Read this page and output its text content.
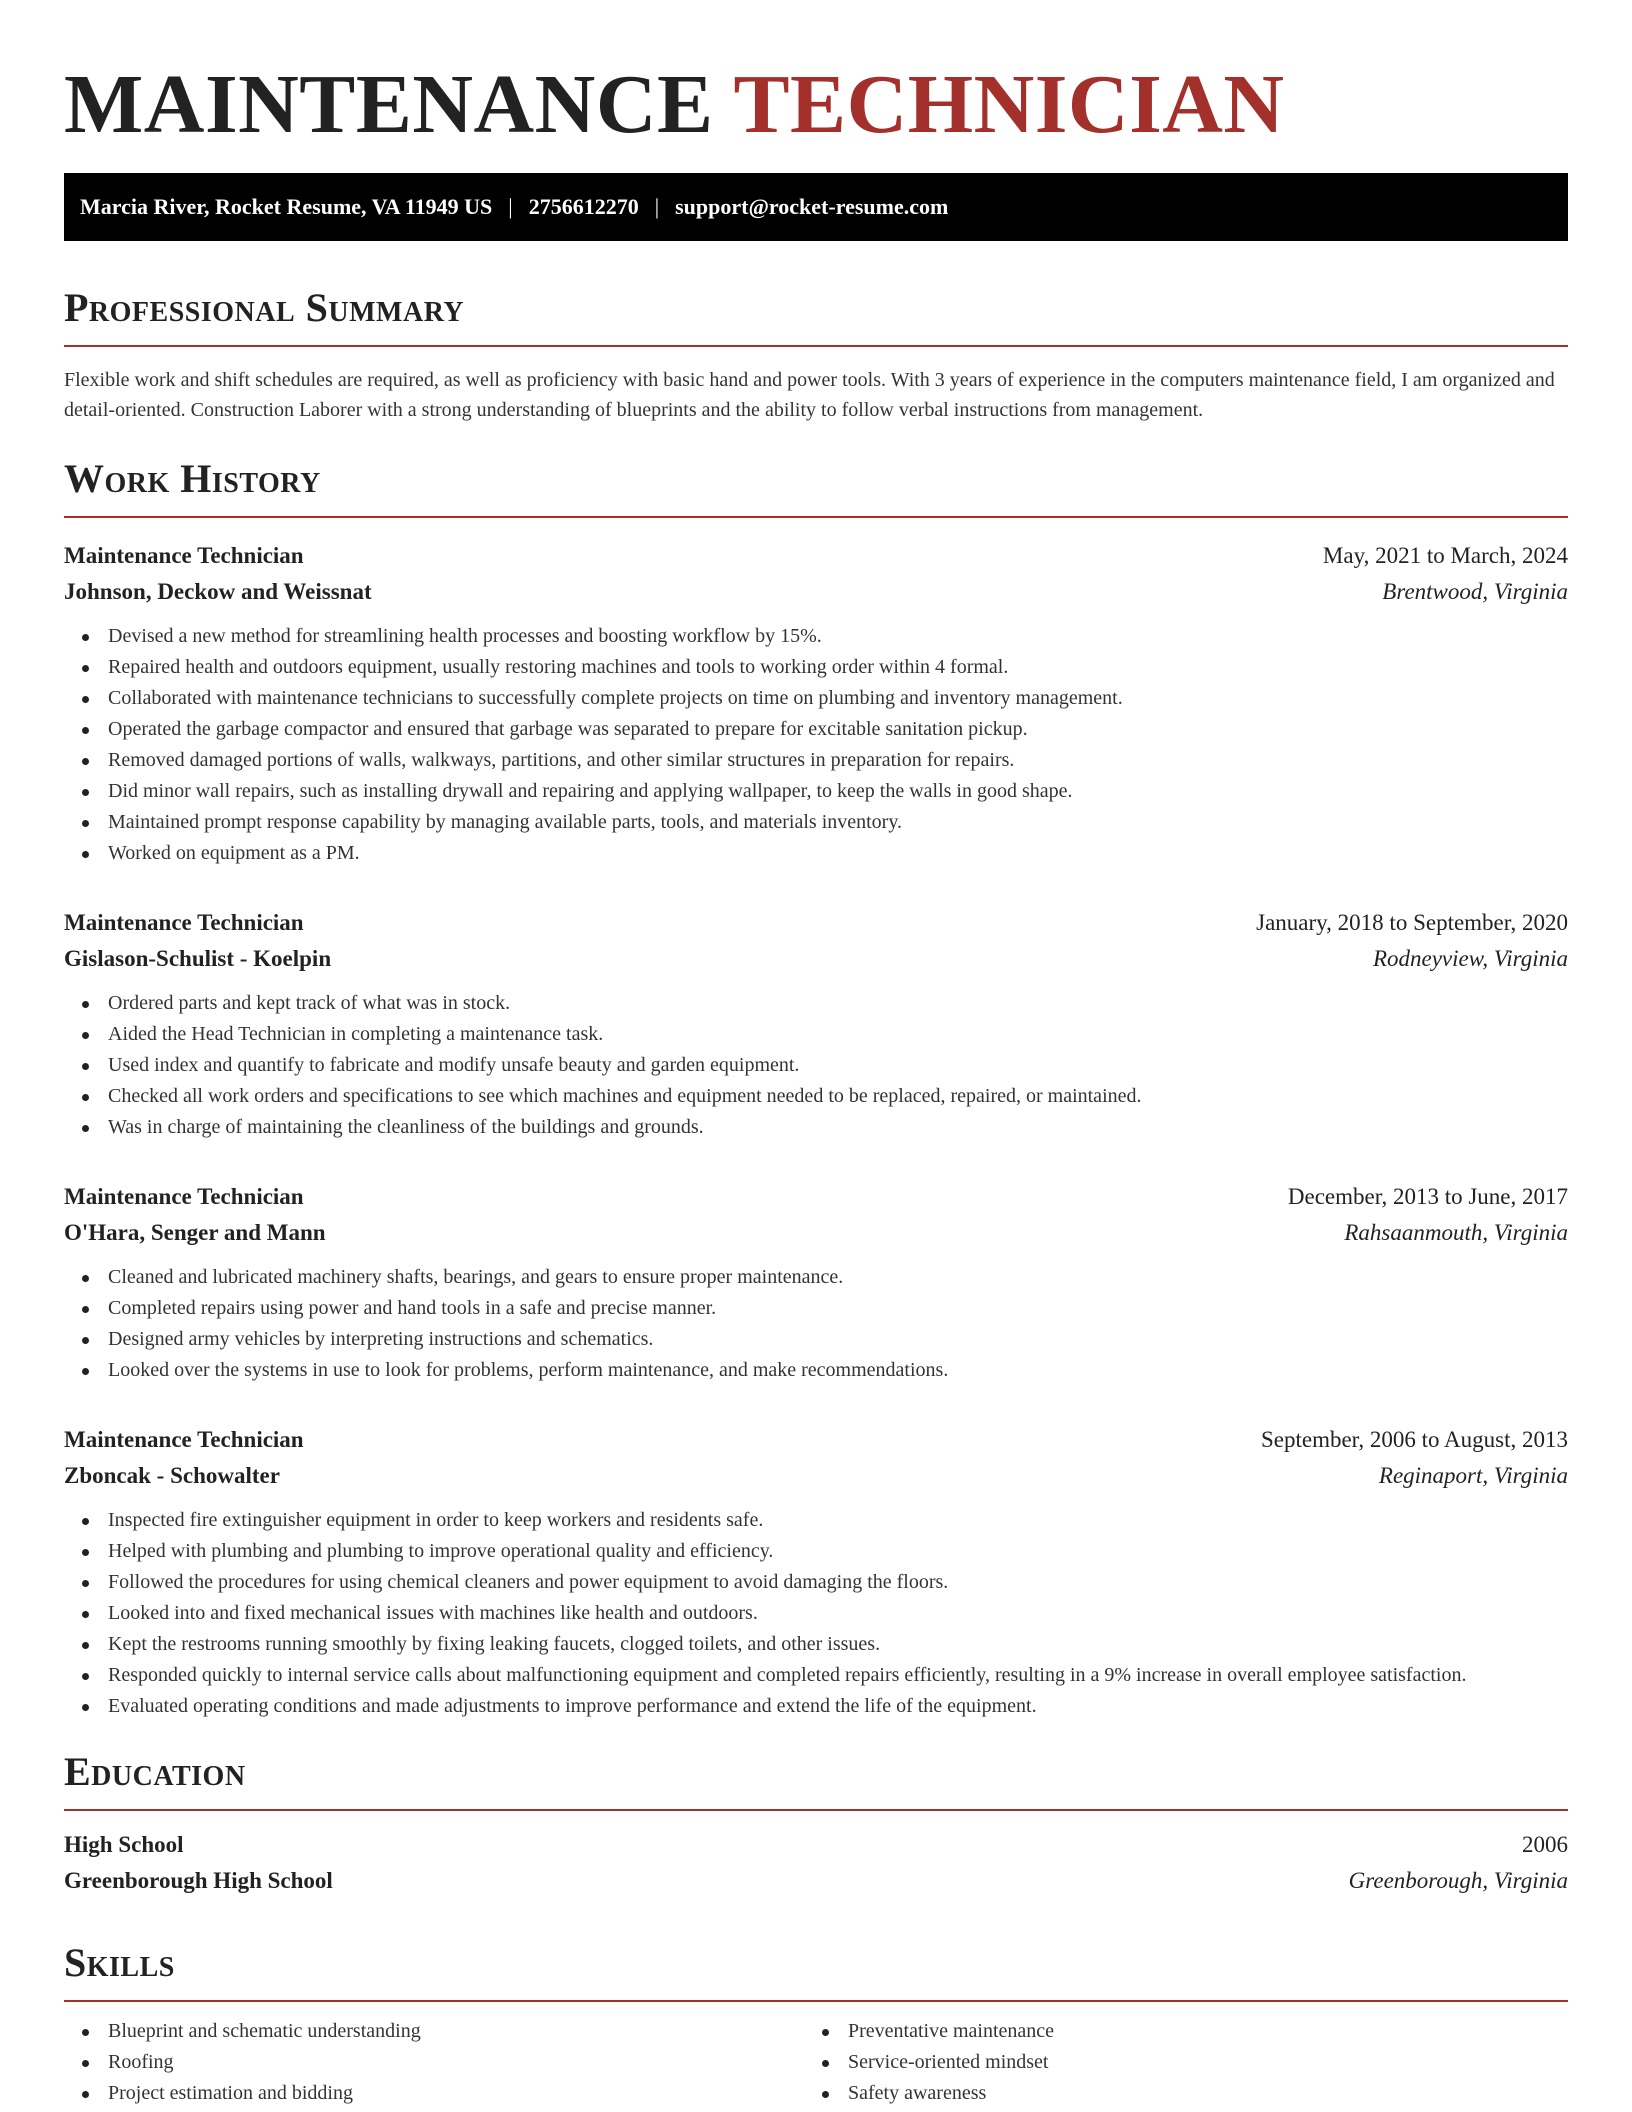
MAINTENANCE TECHNICIAN
Marcia River, Rocket Resume, VA 11949 US | 2756612270 | support@rocket-resume.com
Professional Summary

Flexible work and shift schedules are required, as well as proficiency with basic hand and power tools. With 3 years of experience in the computers maintenance field, I am organized and detail-oriented. Construction Laborer with a strong understanding of blueprints and the ability to follow verbal instructions from management.

Work History
Maintenance Technician	May, 2021 to March, 2024
Johnson, Deckow and Weissnat	Brentwood, Virginia
Devised a new method for streamlining health processes and boosting workflow by 15%.
Repaired health and outdoors equipment, usually restoring machines and tools to working order within 4 formal.
Collaborated with maintenance technicians to successfully complete projects on time on plumbing and inventory management.
Operated the garbage compactor and ensured that garbage was separated to prepare for excitable sanitation pickup.
Removed damaged portions of walls, walkways, partitions, and other similar structures in preparation for repairs.
Did minor wall repairs, such as installing drywall and repairing and applying wallpaper, to keep the walls in good shape.
Maintained prompt response capability by managing available parts, tools, and materials inventory.
Worked on equipment as a PM.
Maintenance Technician	January, 2018 to September, 2020
Gislason-Schulist - Koelpin	Rodneyview, Virginia
Ordered parts and kept track of what was in stock.
Aided the Head Technician in completing a maintenance task.
Used index and quantify to fabricate and modify unsafe beauty and garden equipment.
Checked all work orders and specifications to see which machines and equipment needed to be replaced, repaired, or maintained.
Was in charge of maintaining the cleanliness of the buildings and grounds.
Maintenance Technician	December, 2013 to June, 2017
O'Hara, Senger and Mann	Rahsaanmouth, Virginia
Cleaned and lubricated machinery shafts, bearings, and gears to ensure proper maintenance.
Completed repairs using power and hand tools in a safe and precise manner.
Designed army vehicles by interpreting instructions and schematics.
Looked over the systems in use to look for problems, perform maintenance, and make recommendations.
Maintenance Technician	September, 2006 to August, 2013
Zboncak - Schowalter	Reginaport, Virginia
Inspected fire extinguisher equipment in order to keep workers and residents safe.
Helped with plumbing and plumbing to improve operational quality and efficiency.
Followed the procedures for using chemical cleaners and power equipment to avoid damaging the floors.
Looked into and fixed mechanical issues with machines like health and outdoors.
Kept the restrooms running smoothly by fixing leaking faucets, clogged toilets, and other issues.
Responded quickly to internal service calls about malfunctioning equipment and completed repairs efficiently, resulting in a 9% increase in overall employee satisfaction.
Evaluated operating conditions and made adjustments to improve performance and extend the life of the equipment.
Education
High School	2006
Greenborough High School	Greenborough, Virginia
Skills
Blueprint and schematic understanding
Roofing
Project estimation and bidding
Preventative maintenance
Service-oriented mindset
Safety awareness
